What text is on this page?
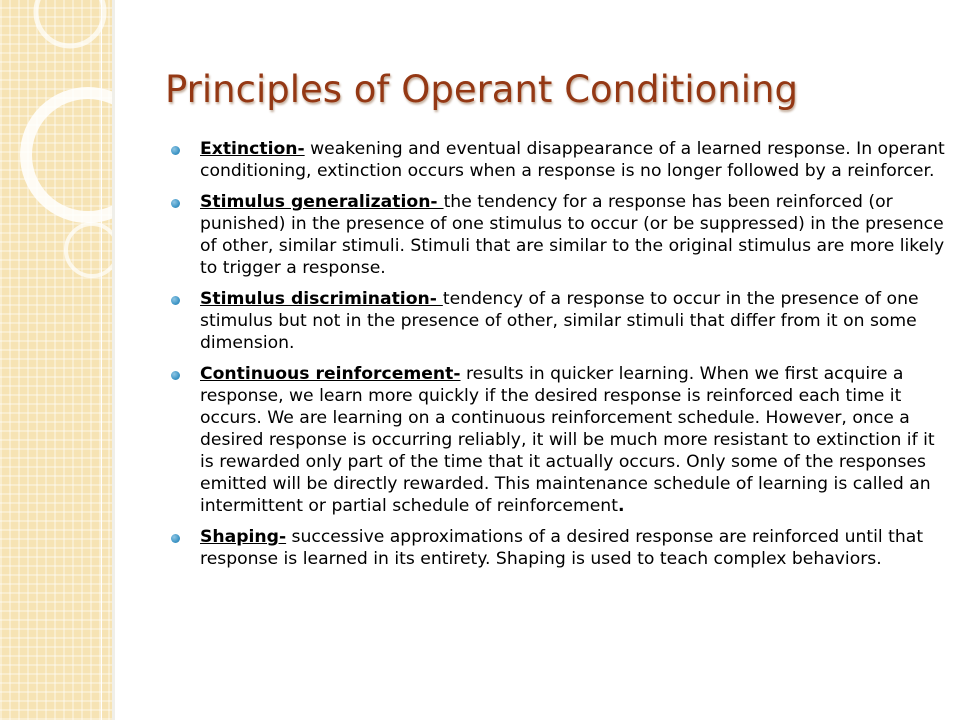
Principles of Operant Conditioning
Extinction- weakening and eventual disappearance of a learned response. In operant conditioning, extinction occurs when a response is no longer followed by a reinforcer.
Stimulus generalization- the tendency for a response has been reinforced (or punished) in the presence of one stimulus to occur (or be suppressed) in the presence of other, similar stimuli. Stimuli that are similar to the original stimulus are more likely to trigger a response.
Stimulus discrimination- tendency of a response to occur in the presence of one stimulus but not in the presence of other, similar stimuli that differ from it on some dimension.
Continuous reinforcement- results in quicker learning. When we first acquire a response, we learn more quickly if the desired response is reinforced each time it occurs. We are learning on a continuous reinforcement schedule. However, once a desired response is occurring reliably, it will be much more resistant to extinction if it is rewarded only part of the time that it actually occurs. Only some of the responses emitted will be directly rewarded. This maintenance schedule of learning is called an intermittent or partial schedule of reinforcement.
Shaping- successive approximations of a desired response are reinforced until that response is learned in its entirety. Shaping is used to teach complex behaviors.
